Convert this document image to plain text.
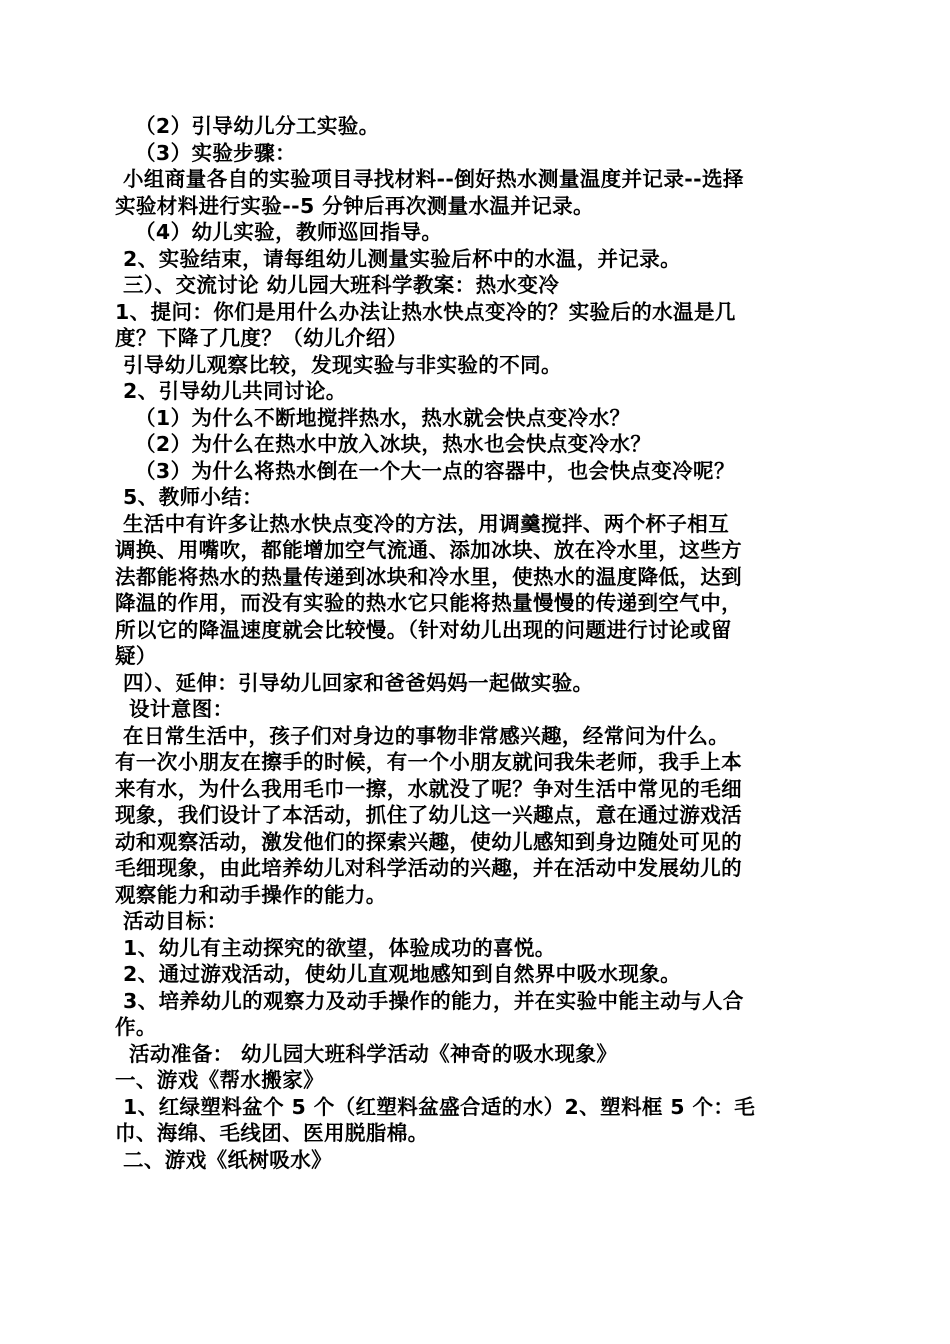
（2）引导幼儿分工实验。
（3）实验步骤：
小组商量各自的实验项目寻找材料--倒好热水测量温度并记录--选择
实验材料进行实验--5 分钟后再次测量水温并记录。
（4）幼儿实验，教师巡回指导。
2、实验结束，请每组幼儿测量实验后杯中的水温，并记录。
三）、交流讨论 幼儿园大班科学教案：热水变冷
1、提问：你们是用什么办法让热水快点变冷的？实验后的水温是几
度？下降了几度？（幼儿介绍）
引导幼儿观察比较，发现实验与非实验的不同。
2、引导幼儿共同讨论。
（1）为什么不断地搅拌热水，热水就会快点变冷水？
（2）为什么在热水中放入冰块，热水也会快点变冷水？
（3）为什么将热水倒在一个大一点的容器中，也会快点变冷呢？
5、教师小结：
生活中有许多让热水快点变冷的方法，用调羹搅拌、两个杯子相互
调换、用嘴吹，都能增加空气流通、添加冰块、放在冷水里，这些方
法都能将热水的热量传递到冰块和冷水里，使热水的温度降低，达到
降温的作用，而没有实验的热水它只能将热量慢慢的传递到空气中，
所以它的降温速度就会比较慢。（针对幼儿出现的问题进行讨论或留
疑）
四）、延伸：引导幼儿回家和爸爸妈妈一起做实验。
设计意图：
在日常生活中，孩子们对身边的事物非常感兴趣，经常问为什么。
有一次小朋友在擦手的时候，有一个小朋友就问我朱老师，我手上本
来有水，为什么我用毛巾一擦，水就没了呢？争对生活中常见的毛细
现象，我们设计了本活动，抓住了幼儿这一兴趣点，意在通过游戏活
动和观察活动，激发他们的探索兴趣，使幼儿感知到身边随处可见的
毛细现象，由此培养幼儿对科学活动的兴趣，并在活动中发展幼儿的
观察能力和动手操作的能力。
活动目标：
1、幼儿有主动探究的欲望，体验成功的喜悦。
2、通过游戏活动，使幼儿直观地感知到自然界中吸水现象。
3、培养幼儿的观察力及动手操作的能力，并在实验中能主动与人合
作。
活动准备： 幼儿园大班科学活动《神奇的吸水现象》
一、游戏《帮水搬家》
1、红绿塑料盆个 5 个（红塑料盆盛合适的水）2、塑料框 5 个：毛
巾、海绵、毛线团、医用脱脂棉。
二、游戏《纸树吸水》
